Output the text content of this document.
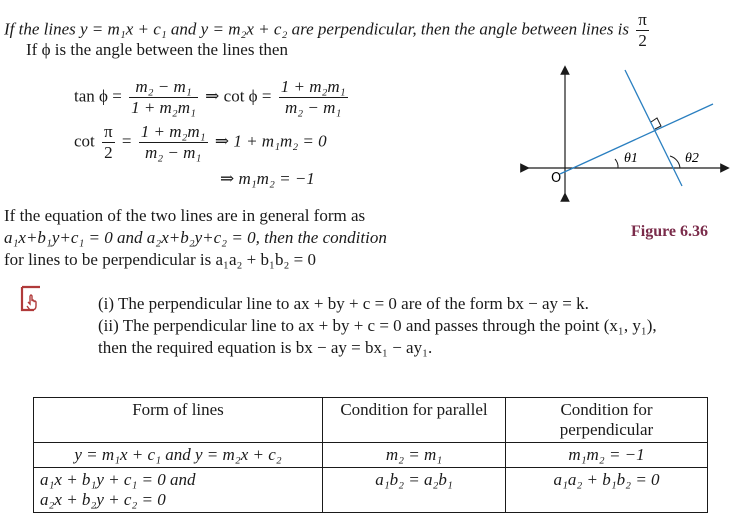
If the lines y = m₁x + c₁ and y = m₂x + c₂ are perpendicular, then the angle between lines is $\frac{\pi}{2}$
If ϕ is the angle between the lines then
$\tan \phi = \frac{\text{m₂ − m₁}}{\text{1 + m₂m₁}}$ ⇒ $\cot \phi = \frac{\text{1 + m₂m₁}}{\text{m₂ − m₁}}$
$\cot \frac{\pi}{2} = \frac{\text{1 + m₂m₁}}{\text{m₂ − m₁}}$ ⇒ 1 + m₁m₂ = 0
⇒ m₁m₂ = −1
If the equation of the two lines are in general form as
a₁x+b₁y+c₁ = 0 and a₂x+b₂y+c₂ = 0, then the condition
for lines to be perpendicular is a₁a₂ + b₁b₂ = 0
O
θ1	θ2
Figure 6.36
(i) The perpendicular line to ax + by + c = 0 are of the form bx − ay = k.
(ii) The perpendicular line to ax + by + c = 0 and passes through the point (x₁, y₁),
then the required equation is bx − ay = bx₁ − ay₁.
Form of lines	Condition for parallel	Condition for perpendicular
y = m₁x + c₁ and y = m₂x + c₂	m₂ = m₁	m₁m₂ = −1

a₁x + b₁y + c₁ = 0 and
a₂x + b₂y + c₂ = 0	a₁b₂ = a₂b₁	a₁a₂ + b₁b₂ = 0
